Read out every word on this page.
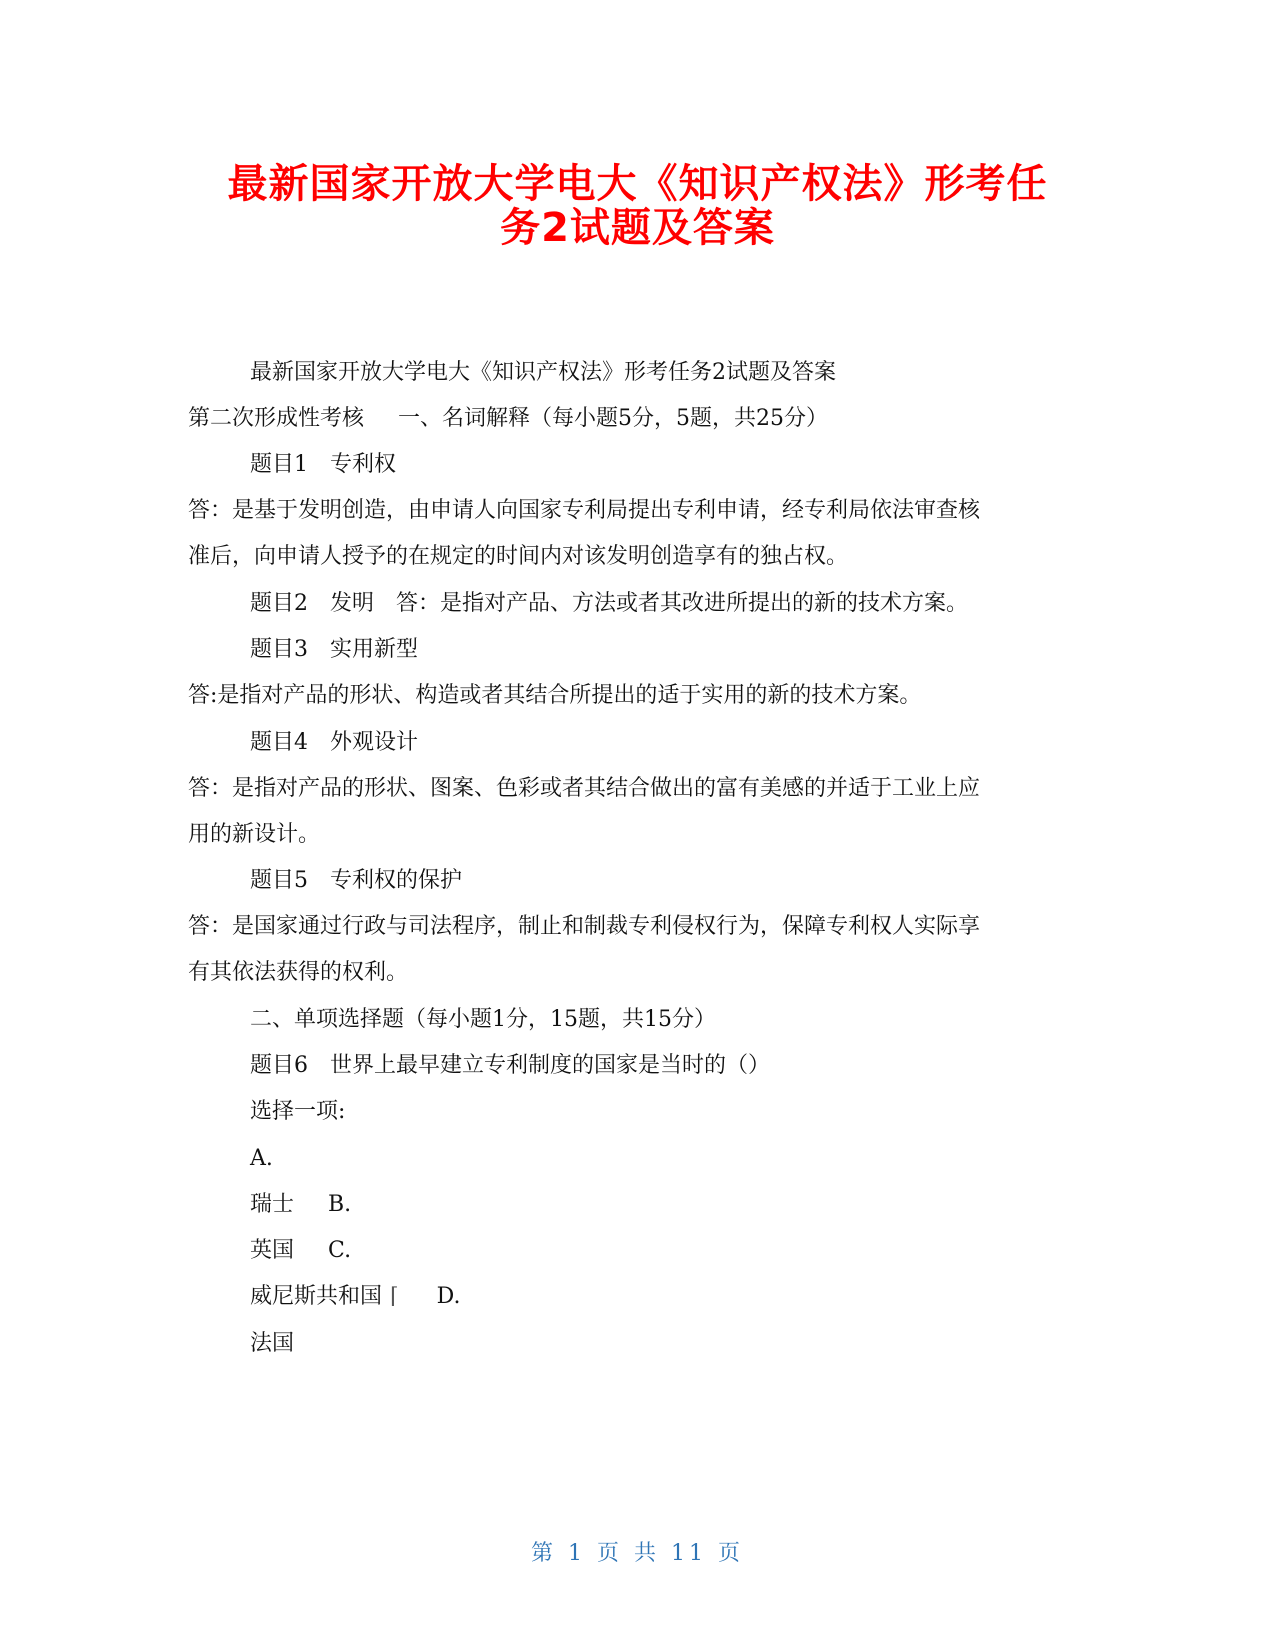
最新国家开放大学电大《知识产权法》形考任
务2试题及答案
最新国家开放大学电大《知识产权法》形考任务2试题及答案
第二次形成性考核 一、名词解释（每小题5分，5题，共25分）
题目1 专利权
答：是基于发明创造，由申请人向国家专利局提出专利申请，经专利局依法审查核
准后，向申请人授予的在规定的时间内对该发明创造享有的独占权。
题目2 发明 答：是指对产品、方法或者其改进所提出的新的技术方案。
题目3 实用新型
答:是指对产品的形状、构造或者其结合所提出的适于实用的新的技术方案。
题目4 外观设计
答：是指对产品的形状、图案、色彩或者其结合做出的富有美感的并适于工业上应
用的新设计。
题目5 专利权的保护
答：是国家通过行政与司法程序，制止和制裁专利侵权行为，保障专利权人实际享
有其依法获得的权利。
二、单项选择题（每小题1分，15题，共15分）
题目6 世界上最早建立专利制度的国家是当时的（）
选择一项:
A.
瑞士 B.
英国 C.
威尼斯共和国 ⌈ D.
法国
第 1 页 共 11 页
